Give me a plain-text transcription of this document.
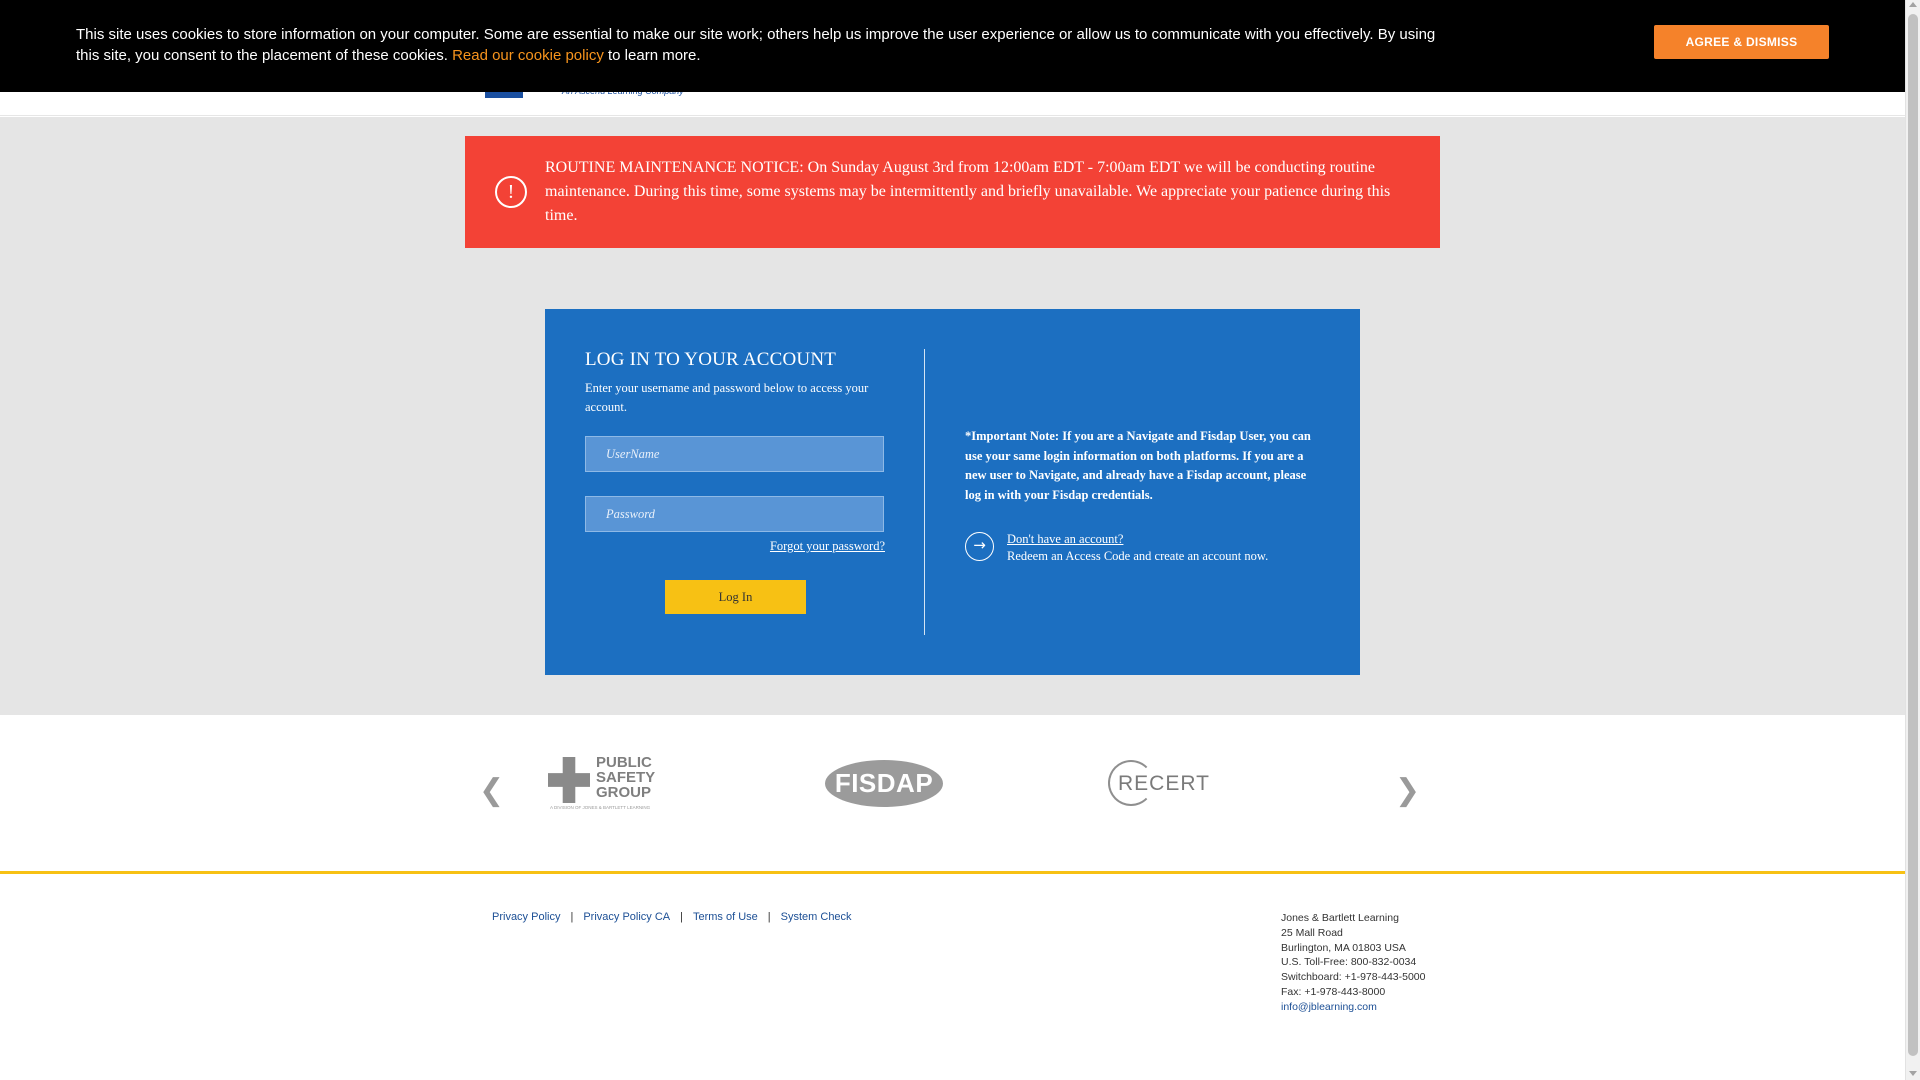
This site uses cookies to store information on your computer. Some are essential to make our site work; others help us improve the user experience or allow us to communicate with you effectively. By using this site, you consent to the placement of these cookies. Read our cookie policy to learn more.

AGREE & DISMISS
!

ROUTINE MAINTENANCE NOTICE: On Sunday August 3rd from 12:00am EDT - 7:00am EDT we will be conducting routine maintenance. During this time, some systems may be intermittently and briefly unavailable. We appreciate your patience during this time.

LOG IN TO YOUR ACCOUNT

Enter your username and password below to access your account.

UserName
Password
Forgot your password?
Log In

*Important Note: If you are a Navigate and Fisdap User, you can use your same login information on both platforms. If you are a new user to Navigate, and already have a Fisdap account, please log in with your Fisdap credentials.

→	Don't have an account?
Redeem an Access Code and create an account now.
❮
PUBLIC
SAFETY
GROUP
A DIVISION OF JONES & BARTLETT LEARNING
FISDAP	RECERT	❯
Privacy Policy | Privacy Policy CA | Terms of Use | System Check	Jones & Bartlett Learning
25 Mall Road
Burlington, MA 01803 USA
U.S. Toll-Free: 800-832-0034
Switchboard: +1-978-443-5000
Fax: +1-978-443-8000
info@jblearning.com
